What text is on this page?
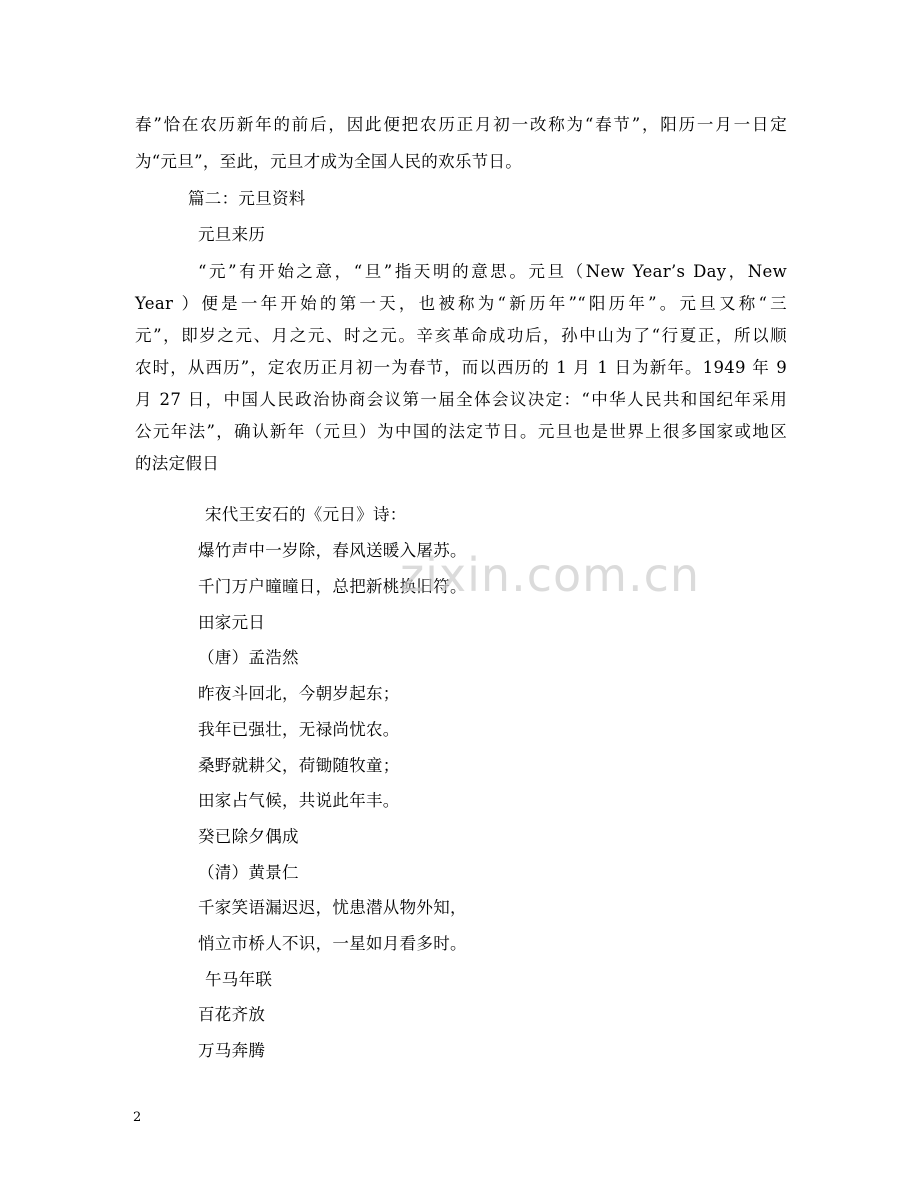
春”恰在农历新年的前后，因此便把农历正月初一改称为“春节”，阳历一月一日定
为“元旦”，至此，元旦才成为全国人民的欢乐节日。
篇二：元旦资料
元旦来历
“元”有开始之意，“旦”指天明的意思。元旦（New Year’s Day，New
Year ）便是一年开始的第一天，也被称为“新历年”“阳历年”。元旦又称“三
元”，即岁之元、月之元、时之元。辛亥革命成功后，孙中山为了“行夏正，所以顺
农时，从西历”，定农历正月初一为春节，而以西历的 1 月 1 日为新年。1949 年 9
月 27 日，中国人民政治协商会议第一届全体会议决定：“中华人民共和国纪年采用
公元年法”，确认新年（元旦）为中国的法定节日。元旦也是世界上很多国家或地区
的法定假日
宋代王安石的《元日》诗：
爆竹声中一岁除，春风送暖入屠苏。
千门万户曈曈日，总把新桃换旧符。
田家元日
（唐）孟浩然
昨夜斗回北，今朝岁起东；
我年已强壮，无禄尚忧农。
桑野就耕父，荷锄随牧童；
田家占气候，共说此年丰。
癸已除夕偶成
（清）黄景仁
千家笑语漏迟迟，忧患潜从物外知，
悄立市桥人不识，一星如月看多时。
午马年联
百花齐放
万马奔腾
zixin.com.cn
2
